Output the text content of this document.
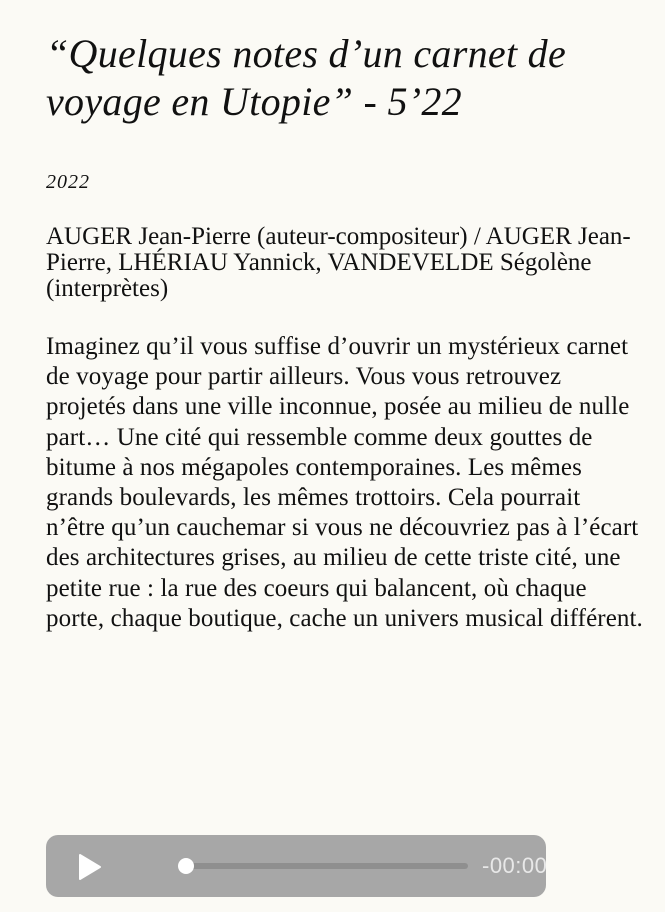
“Quelques notes d’un carnet de voyage en Utopie” - 5’22
2022
AUGER Jean-Pierre (auteur-compositeur) / AUGER Jean-Pierre, LHÉRIAU Yannick, VANDEVELDE Ségolène (interprètes)
Imaginez qu’il vous suffise d’ouvrir un mystérieux carnet de voyage pour partir ailleurs. Vous vous retrouvez projetés dans une ville inconnue, posée au milieu de nulle part… Une cité qui ressemble comme deux gouttes de bitume à nos mégapoles contemporaines. Les mêmes grands boulevards, les mêmes trottoirs. Cela pourrait n’être qu’un cauchemar si vous ne découvriez pas à l’écart des architectures grises, au milieu de cette triste cité, une petite rue : la rue des coeurs qui balancent, où chaque porte, chaque boutique, cache un univers musical différent.
-00:00
